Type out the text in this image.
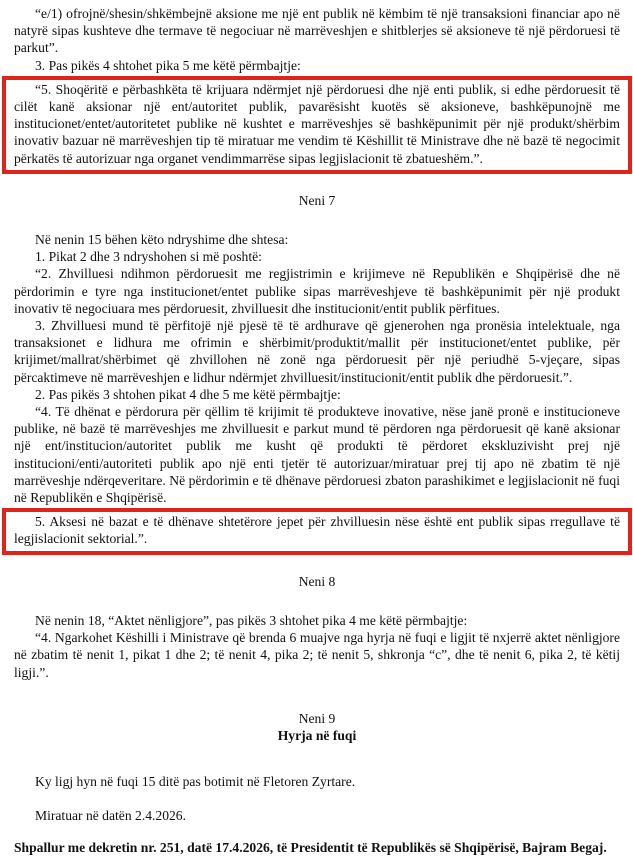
“e/1) ofrojnë/shesin/shkëmbejnë aksione me një ent publik në këmbim të një transaksioni financiar apo në natyrë sipas kushteve dhe termave të negociuar në marrëveshjen e shitblerjes së aksioneve të një përdoruesi të parkut”.

3. Pas pikës 4 shtohet pika 5 me këtë përmbajtje:

“5. Shoqëritë e përbashkëta të krijuara ndërmjet një përdoruesi dhe një enti publik, si edhe përdoruesit të cilët kanë aksionar një ent/autoritet publik, pavarësisht kuotës së aksioneve, bashkëpunojnë me institucionet/entet/autoritetet publike në kushtet e marrëveshjes së bashkëpunimit për një produkt/shërbim inovativ bazuar në marrëveshjen tip të miratuar me vendim të Këshillit të Ministrave dhe në bazë të negocimit përkatës të autorizuar nga organet vendimmarrëse sipas legjislacionit të zbatueshëm.”.

Neni 7

Në nenin 15 bëhen këto ndryshime dhe shtesa:

1. Pikat 2 dhe 3 ndryshohen si më poshtë:

“2. Zhvilluesi ndihmon përdoruesit me regjistrimin e krijimeve në Republikën e Shqipërisë dhe në përdorimin e tyre nga institucionet/entet publike sipas marrëveshjeve të bashkëpunimit për një produkt inovativ të negociuara mes përdoruesit, zhvilluesit dhe institucionit/entit publik përfitues.

3. Zhvilluesi mund të përfitojë një pjesë të të ardhurave që gjenerohen nga pronësia intelektuale, nga transaksionet e lidhura me ofrimin e shërbimit/produktit/mallit për institucionet/entet publike, për krijimet/mallrat/shërbimet që zhvillohen në zonë nga përdoruesit për një periudhë 5-vjeçare, sipas përcaktimeve në marrëveshjen e lidhur ndërmjet zhvilluesit/institucionit/entit publik dhe përdoruesit.”.

2. Pas pikës 3 shtohen pikat 4 dhe 5 me këtë përmbajtje:

“4. Të dhënat e përdorura për qëllim të krijimit të produkteve inovative, nëse janë pronë e institucioneve publike, në bazë të marrëveshjes me zhvilluesit e parkut mund të përdoren nga përdoruesit që kanë aksionar një ent/institucion/autoritet publik me kusht që produkti të përdoret ekskluzivisht prej një institucioni/enti/autoriteti publik apo një enti tjetër të autorizuar/miratuar prej tij apo në zbatim të një marrëveshje ndërqeveritare. Në përdorimin e të dhënave përdoruesi zbaton parashikimet e legjislacionit në fuqi në Republikën e Shqipërisë.

5. Aksesi në bazat e të dhënave shtetërore jepet për zhvilluesin nëse është ent publik sipas rregullave të legjislacionit sektorial.”.

Neni 8

Në nenin 18, “Aktet nënligjore”, pas pikës 3 shtohet pika 4 me këtë përmbajtje:

“4. Ngarkohet Këshilli i Ministrave që brenda 6 muajve nga hyrja në fuqi e ligjit të nxjerrë aktet nënligjore në zbatim të nenit 1, pikat 1 dhe 2; të nenit 4, pika 2; të nenit 5, shkronja “c”, dhe të nenit 6, pika 2, të këtij ligji.”.

Neni 9
Hyrja në fuqi

Ky ligj hyn në fuqi 15 ditë pas botimit në Fletoren Zyrtare.

Miratuar në datën 2.4.2026.

Shpallur me dekretin nr. 251, datë 17.4.2026, të Presidentit të Republikës së Shqipërisë, Bajram Begaj.
